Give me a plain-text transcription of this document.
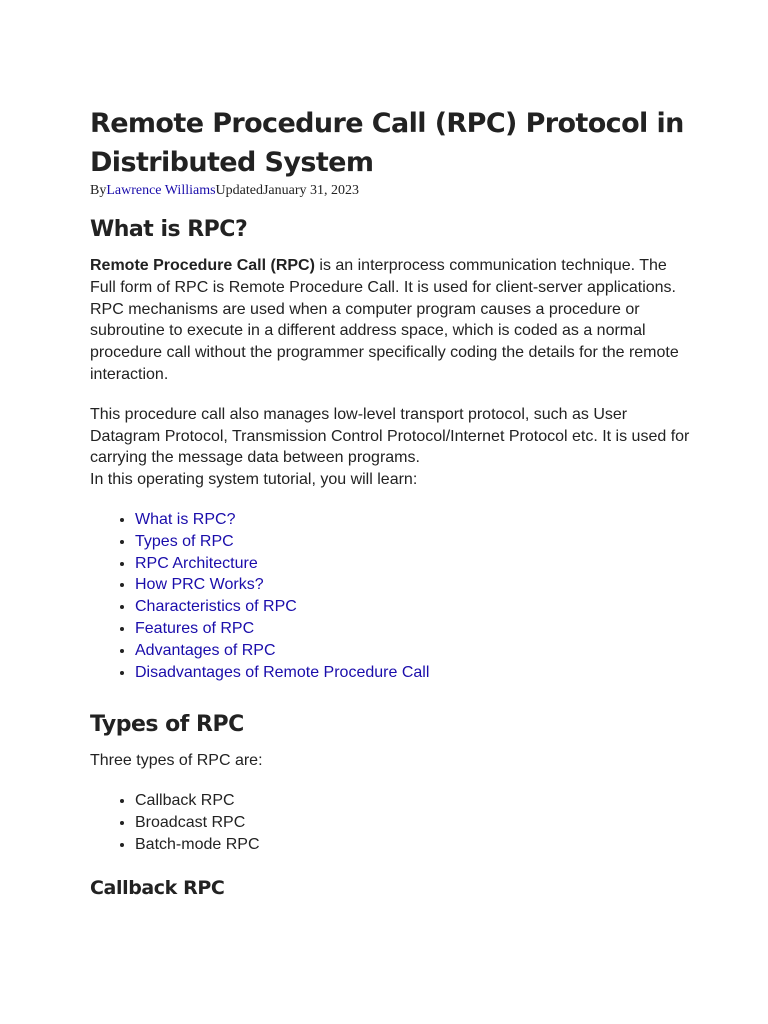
Remote Procedure Call (RPC) Protocol in Distributed System
ByLawrence WilliamsUpdatedJanuary 31, 2023
What is RPC?

Remote Procedure Call (RPC) is an interprocess communication technique. The Full form of RPC is Remote Procedure Call. It is used for client-server applications. RPC mechanisms are used when a computer program causes a procedure or subroutine to execute in a different address space, which is coded as a normal procedure call without the programmer specifically coding the details for the remote interaction.

This procedure call also manages low-level transport protocol, such as User Datagram Protocol, Transmission Control Protocol/Internet Protocol etc. It is used for carrying the message data between programs.

In this operating system tutorial, you will learn:

• What is RPC?
• Types of RPC
• RPC Architecture
• How PRC Works?
• Characteristics of RPC
• Features of RPC
• Advantages of RPC
• Disadvantages of Remote Procedure Call
Types of RPC

Three types of RPC are:

• Callback RPC
• Broadcast RPC
• Batch-mode RPC
Callback RPC
